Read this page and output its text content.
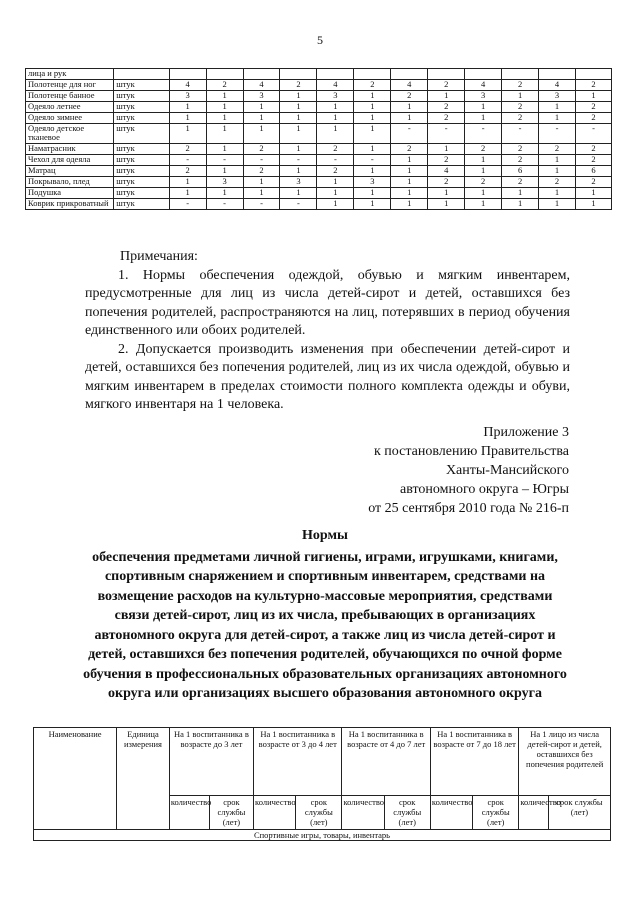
5
лица и рук													
Полотенце для ног	штук	4	2	4	2	4	2	4	2	4	2	4	2
Полотенце банное	штук	3	1	3	1	3	1	2	1	3	1	3	1
Одеяло летнее	штук	1	1	1	1	1	1	1	2	1	2	1	2
Одеяло зимнее	штук	1	1	1	1	1	1	1	2	1	2	1	2
Одеяло детское тканевое	штук	1	1	1	1	1	1	-	-	-	-	-	-
Наматрасник	штук	2	1	2	1	2	1	2	1	2	2	2	2
Чехол для одеяла	штук	-	-	-	-	-	-	1	2	1	2	1	2
Матрац	штук	2	1	2	1	2	1	1	4	1	6	1	6
Покрывало, плед	штук	1	3	1	3	1	3	1	2	2	2	2	2
Подушка	штук	1	1	1	1	1	1	1	1	1	1	1	1
Коврик прикроватный	штук	-	-	-	-	1	1	1	1	1	1	1	1

Примечания:

1. Нормы обеспечения одеждой, обувью и мягким инвентарем, предусмотренные для лиц из числа детей-сирот и детей, оставшихся без попечения родителей, распространяются на лиц, потерявших в период обучения единственного или обоих родителей.

2. Допускается производить изменения при обеспечении детей-сирот и детей, оставшихся без попечения родителей, лиц из их числа одеждой, обувью и мягким инвентарем в пределах стоимости полного комплекта одежды и обуви, мягкого инвентаря на 1 человека.

Приложение 3
к постановлению Правительства
Ханты-Мансийского
автономного округа – Югры
от 25 сентября 2010 года № 216-п
Нормы
обеспечения предметами личной гигиены, играми, игрушками, книгами, спортивным снаряжением и спортивным инвентарем, средствами на возмещение расходов на культурно-массовые мероприятия, средствами связи детей-сирот, лиц из их числа, пребывающих в организациях автономного округа для детей-сирот, а также лиц из числа детей-сирот и детей, оставшихся без попечения родителей, обучающихся по очной форме обучения в профессиональных образовательных организациях автономного округа или организациях высшего образования автономного округа
Наименование	Единица измерения	На 1 воспитанника в возрасте до 3 лет		На 1 воспитанника в возрасте от 3 до 4 лет		На 1 воспитанника в возрасте от 4 до 7 лет		На 1 воспитанника в возрасте от 7 до 18 лет		На 1 лицо из числа детей-сирот и детей, оставшихся без попечения родителей	
		количество	срок службы (лет)	количество	срок службы (лет)	количество	срок службы (лет)	количество	срок службы (лет)	количество	срок службы (лет)
Спортивные игры, товары, инвентарь											
